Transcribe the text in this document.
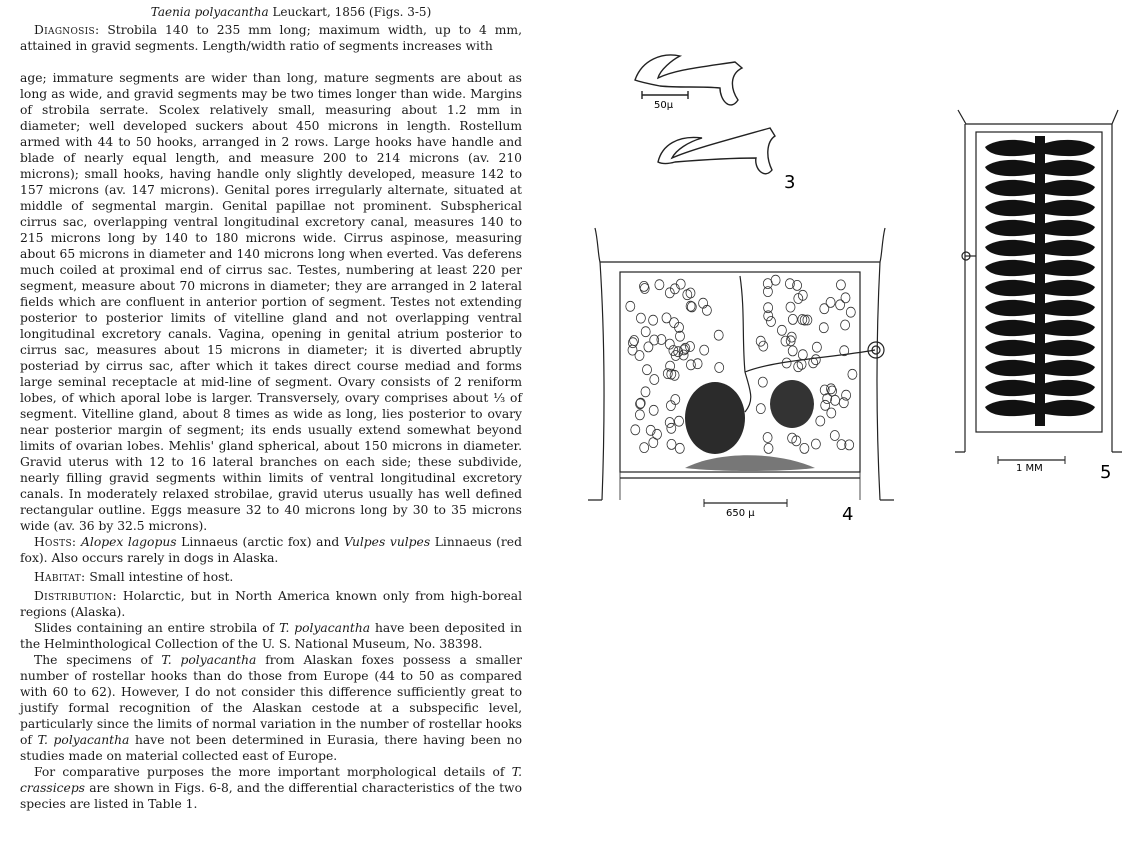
Taenia polyacantha Leuckart, 1856 (Figs. 3-5)

Diagnosis: Strobila 140 to 235 mm long; maximum width, up to 4 mm, attained in gravid segments. Length/width ratio of segments increases with

age; immature segments are wider than long, mature segments are about as long as wide, and gravid segments may be two times longer than wide. Margins of strobila serrate. Scolex relatively small, measuring about 1.2 mm in diameter; well developed suckers about 450 microns in length. Rostellum armed with 44 to 50 hooks, arranged in 2 rows. Large hooks have handle and blade of nearly equal length, and measure 200 to 214 microns (av. 210 microns); small hooks, having handle only slightly developed, measure 142 to 157 microns (av. 147 microns). Genital pores irregularly alternate, situated at middle of segmental margin. Genital papillae not prominent. Subspherical cirrus sac, overlapping ventral longitudinal excretory canal, measures 140 to 215 microns long by 140 to 180 microns wide. Cirrus aspinose, measuring about 65 microns in diameter and 140 microns long when everted. Vas deferens much coiled at proximal end of cirrus sac. Testes, numbering at least 220 per segment, measure about 70 microns in diameter; they are arranged in 2 lateral fields which are confluent in anterior portion of segment. Testes not extending posterior to posterior limits of vitelline gland and not overlapping ventral longitudinal excretory canals. Vagina, opening in genital atrium posterior to cirrus sac, measures about 15 microns in diameter; it is diverted abruptly posteriad by cirrus sac, after which it takes direct course mediad and forms large seminal receptacle at mid-line of segment. Ovary consists of 2 reniform lobes, of which aporal lobe is larger. Transversely, ovary comprises about ⅓ of segment. Vitelline gland, about 8 times as wide as long, lies posterior to ovary near posterior margin of segment; its ends usually extend somewhat beyond limits of ovarian lobes. Mehlis' gland spherical, about 150 microns in diameter. Gravid uterus with 12 to 16 lateral branches on each side; these subdivide, nearly filling gravid segments within limits of ventral longitudinal excretory canals. In moderately relaxed strobilae, gravid uterus usually has well defined rectangular outline. Eggs measure 32 to 40 microns long by 30 to 35 microns wide (av. 36 by 32.5 microns).

Hosts: Alopex lagopus Linnaeus (arctic fox) and Vulpes vulpes Linnaeus (red fox). Also occurs rarely in dogs in Alaska.

Habitat: Small intestine of host.

Distribution: Holarctic, but in North America known only from high-boreal regions (Alaska).

Slides containing an entire strobila of T. polyacantha have been deposited in the Helminthological Collection of the U. S. National Museum, No. 38398.

The specimens of T. polyacantha from Alaskan foxes possess a smaller number of rostellar hooks than do those from Europe (44 to 50 as compared with 60 to 62). However, I do not consider this difference sufficiently great to justify formal recognition of the Alaskan cestode at a subspecific level, particularly since the limits of normal variation in the number of rostellar hooks of T. polyacantha have not been determined in Eurasia, there having been no studies made on material collected east of Europe.

For comparative purposes the more important morphological details of T. crassiceps are shown in Figs. 6-8, and the differential characteristics of the two species are listed in Table 1.

50µ
3
650 µ	4
1 MM	5
